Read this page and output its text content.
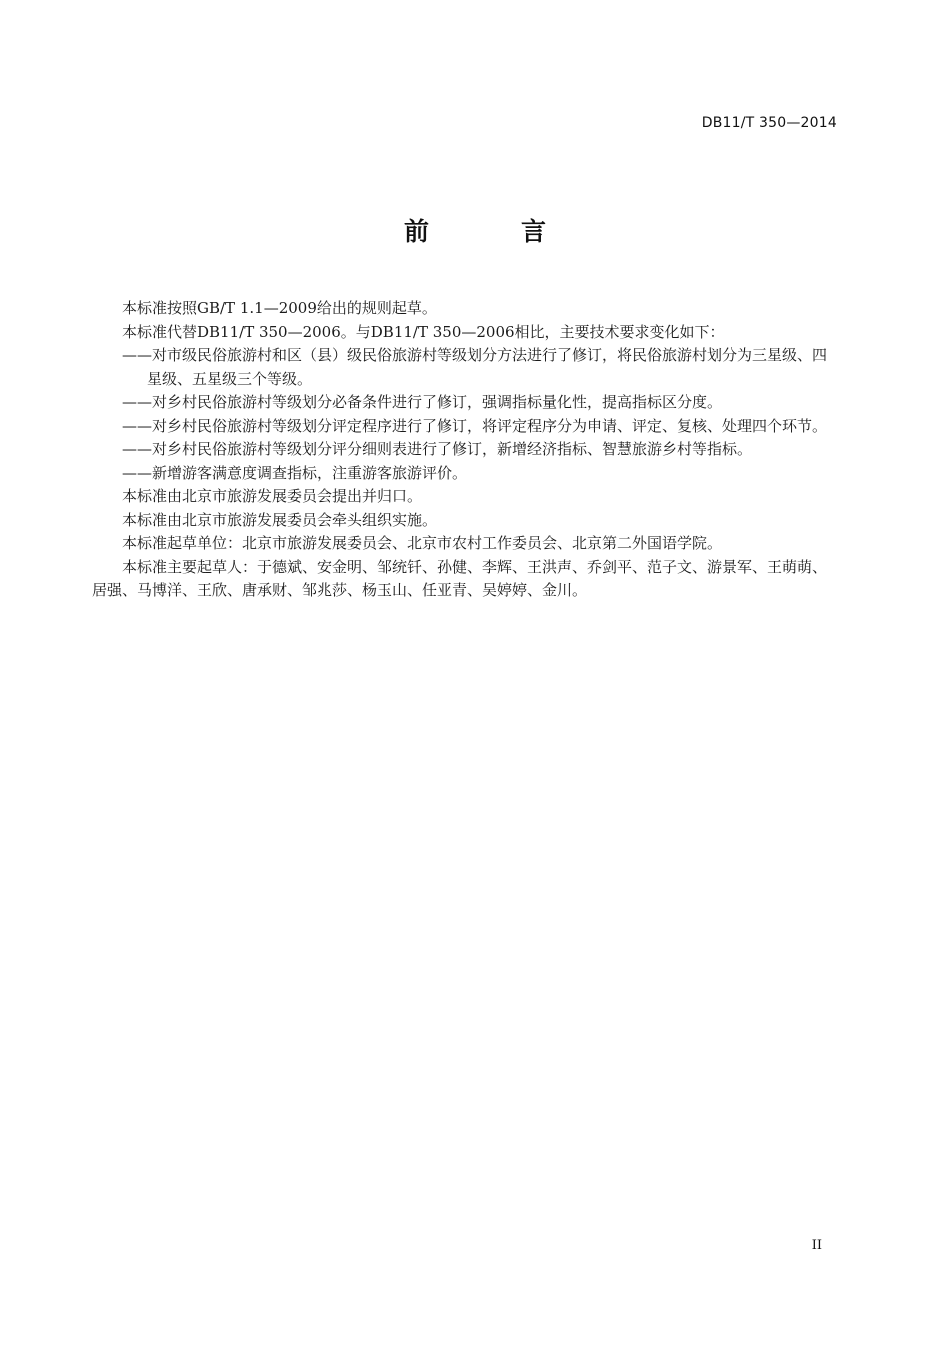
DB11/T 350—2014
前	言

本标准按照GB/T 1.1—2009给出的规则起草。

本标准代替DB11/T 350—2006。与DB11/T 350—2006相比，主要技术要求变化如下：

——对市级民俗旅游村和区（县）级民俗旅游村等级划分方法进行了修订，将民俗旅游村划分为三星级、四星级、五星级三个等级。

——对乡村民俗旅游村等级划分必备条件进行了修订，强调指标量化性，提高指标区分度。

——对乡村民俗旅游村等级划分评定程序进行了修订，将评定程序分为申请、评定、复核、处理四个环节。

——对乡村民俗旅游村等级划分评分细则表进行了修订，新增经济指标、智慧旅游乡村等指标。

——新增游客满意度调查指标，注重游客旅游评价。

本标准由北京市旅游发展委员会提出并归口。

本标准由北京市旅游发展委员会牵头组织实施。

本标准起草单位：北京市旅游发展委员会、北京市农村工作委员会、北京第二外国语学院。

本标准主要起草人：于德斌、安金明、邹统钎、孙健、李辉、王洪声、乔剑平、范子文、游景军、王萌萌、居强、马博洋、王欣、唐承财、邹兆莎、杨玉山、任亚青、吴婷婷、金川。

II
